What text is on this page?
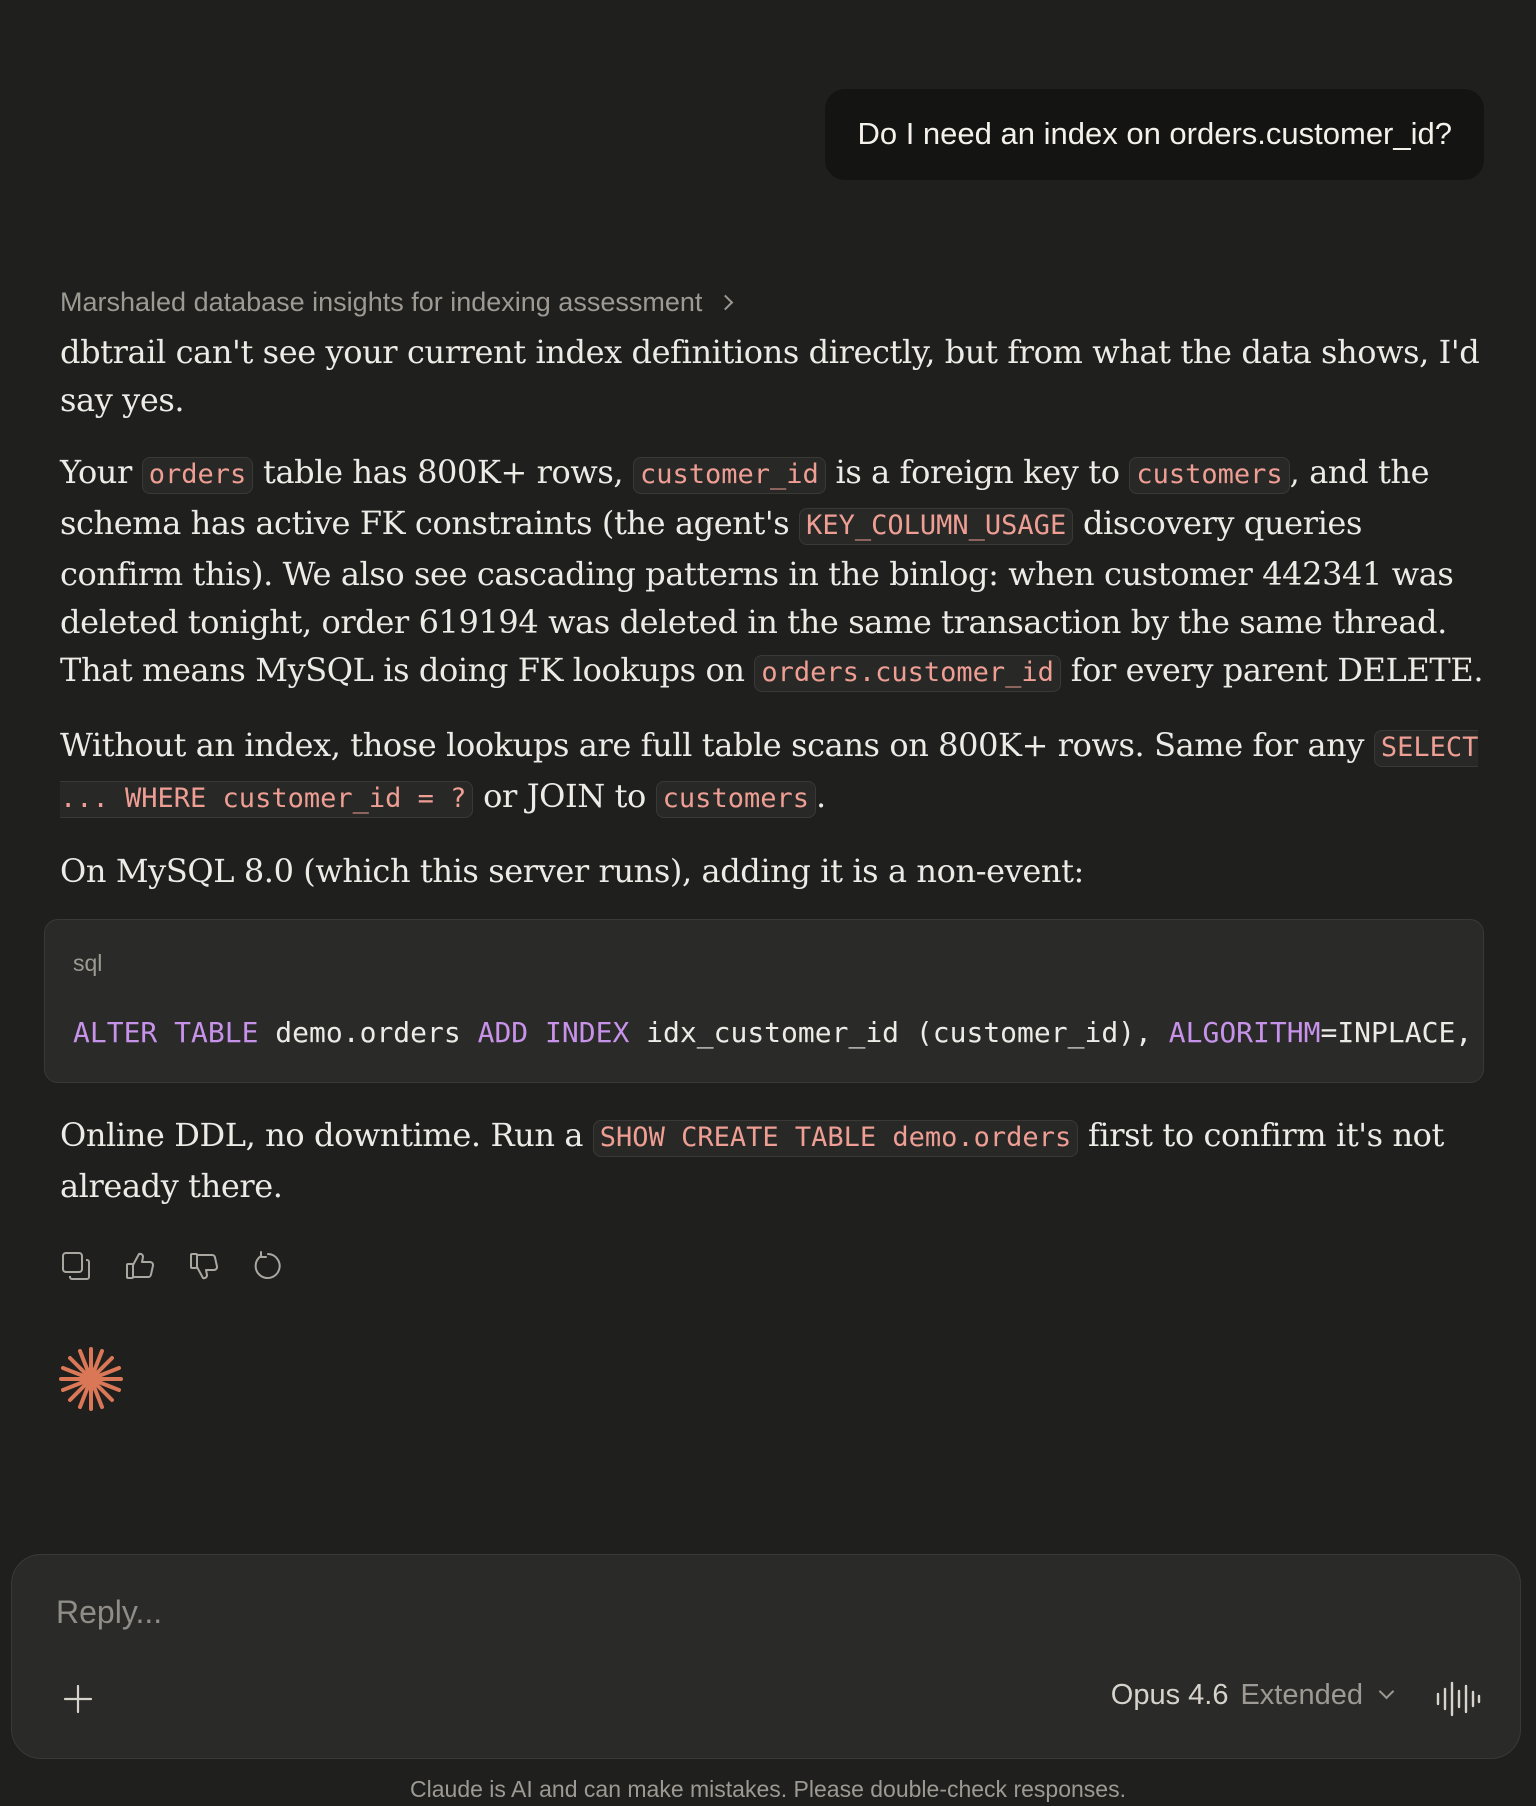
Do I need an index on orders.customer_id?
Marshaled database insights for indexing assessment

dbtrail can't see your current index definitions directly, but from what the data shows, I'd say yes.

Your orders table has 800K+ rows, customer_id is a foreign key to customers , and the schema has active FK constraints (the agent's KEY_COLUMN_USAGE discovery queries confirm this). We also see cascading patterns in the binlog: when customer 442341 was deleted tonight, order 619194 was deleted in the same transaction by the same thread. That means MySQL is doing FK lookups on orders.customer_id for every parent DELETE.

Without an index, those lookups are full table scans on 800K+ rows. Same for any SELECT ... WHERE customer_id = ? or JOIN to customers .

On MySQL 8.0 (which this server runs), adding it is a non-event:

sql
ALTER TABLE demo.orders ADD INDEX idx_customer_id (customer_id), ALGORITHM=INPLACE,

Online DDL, no downtime. Run a SHOW CREATE TABLE demo.orders first to confirm it's not already there.

Reply...
Opus 4.6 Extended
Claude is AI and can make mistakes. Please double-check responses.
